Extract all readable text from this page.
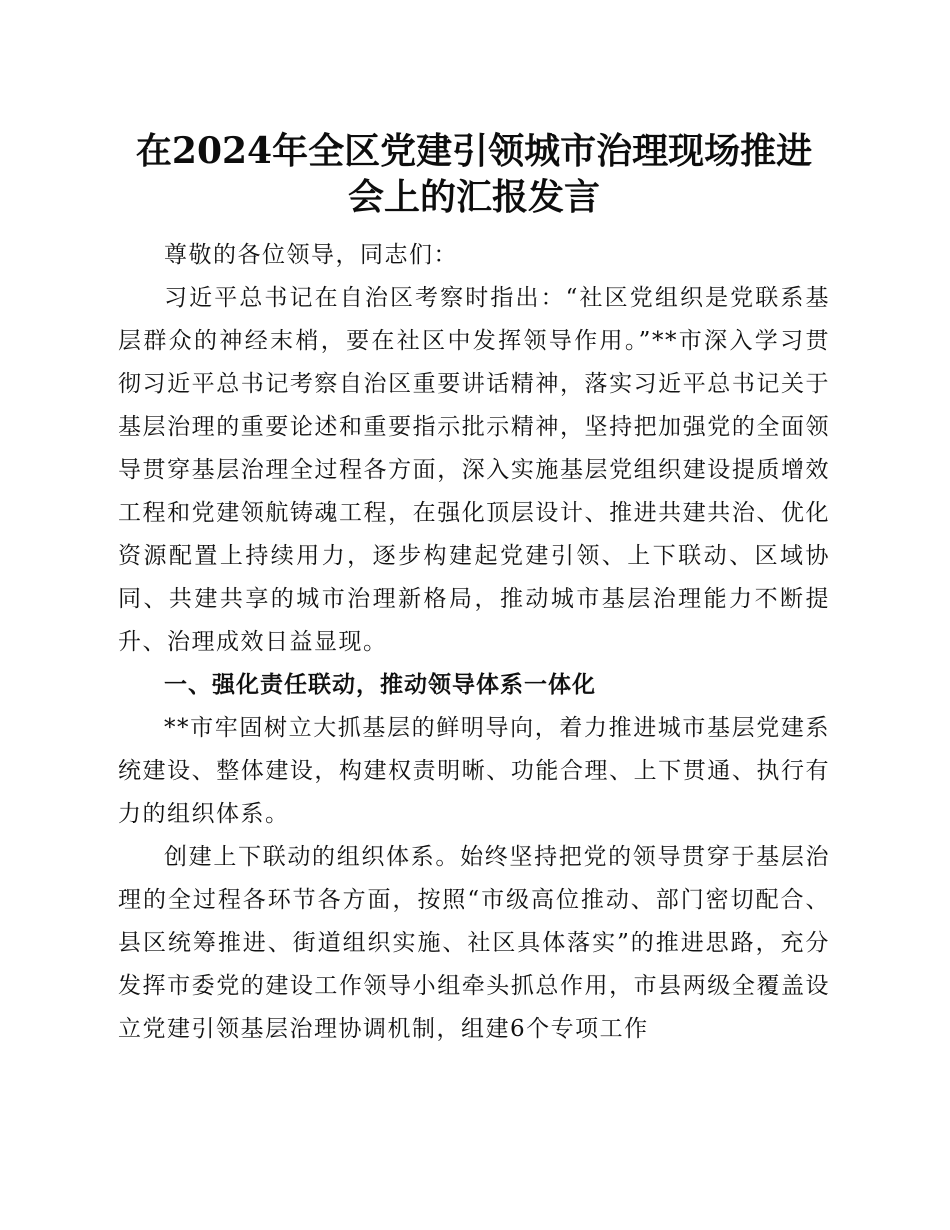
在2024年全区党建引领城市治理现场推进会上的汇报发言

尊敬的各位领导，同志们：

习近平总书记在自治区考察时指出：“社区党组织是党联系基层群众的神经末梢，要在社区中发挥领导作用。”**市深入学习贯彻习近平总书记考察自治区重要讲话精神，落实习近平总书记关于基层治理的重要论述和重要指示批示精神，坚持把加强党的全面领导贯穿基层治理全过程各方面，深入实施基层党组织建设提质增效工程和党建领航铸魂工程，在强化顶层设计、推进共建共治、优化资源配置上持续用力，逐步构建起党建引领、上下联动、区域协同、共建共享的城市治理新格局，推动城市基层治理能力不断提升、治理成效日益显现。

一、强化责任联动，推动领导体系一体化

**市牢固树立大抓基层的鲜明导向，着力推进城市基层党建系统建设、整体建设，构建权责明晰、功能合理、上下贯通、执行有力的组织体系。

创建上下联动的组织体系。始终坚持把党的领导贯穿于基层治理的全过程各环节各方面，按照“市级高位推动、部门密切配合、县区统筹推进、街道组织实施、社区具体落实”的推进思路，充分发挥市委党的建设工作领导小组牵头抓总作用，市县两级全覆盖设立党建引领基层治理协调机制，组建6个专项工作
